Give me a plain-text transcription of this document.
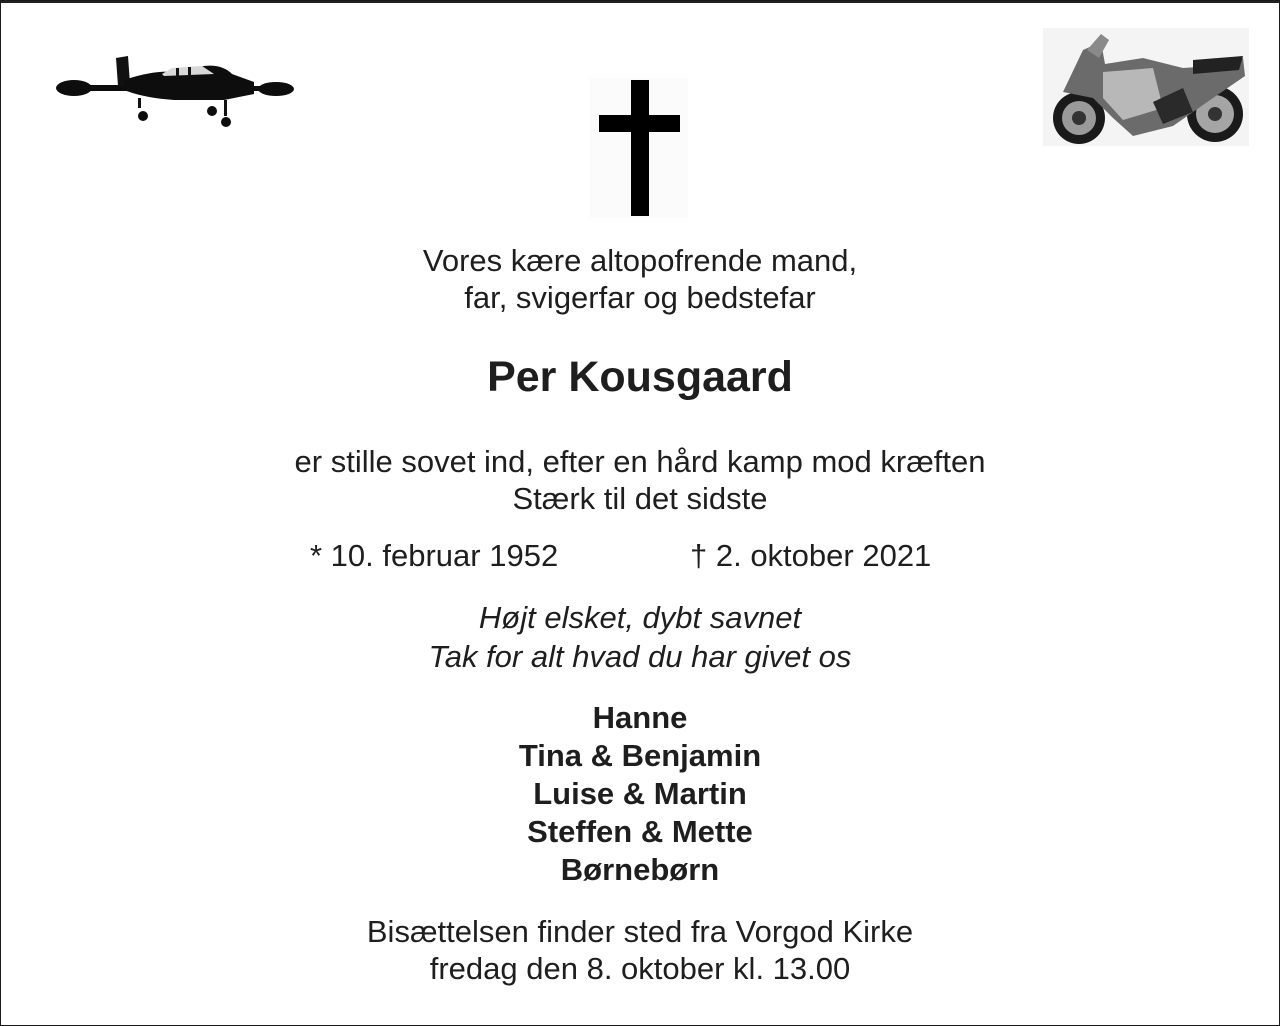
Vores kære altopofrende mand,
far, svigerfar og bedstefar
Per Kousgaard
er stille sovet ind, efter en hård kamp mod kræften
Stærk til det sidste
* 10. februar 1952	† 2. oktober 2021
Højt elsket, dybt savnet
Tak for alt hvad du har givet os
Hanne
Tina & Benjamin
Luise & Martin
Steffen & Mette
Børnebørn
Bisættelsen finder sted fra Vorgod Kirke
fredag den 8. oktober kl. 13.00
